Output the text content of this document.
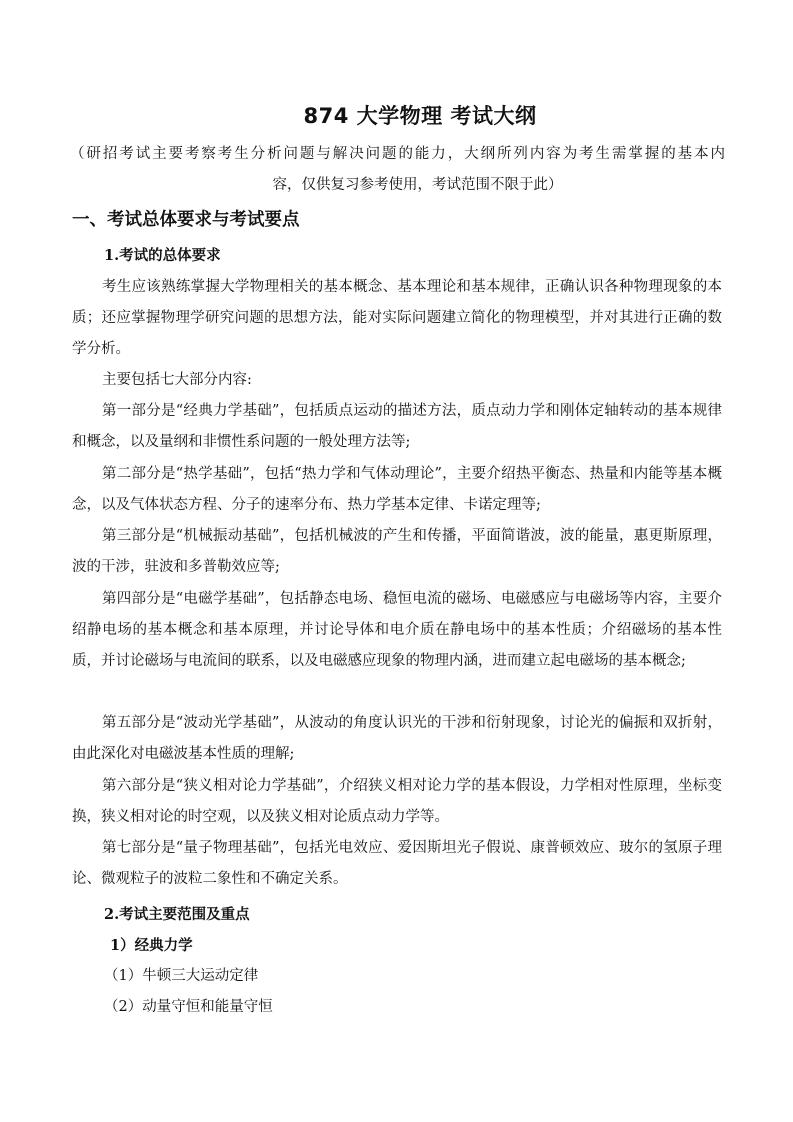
874 大学物理 考试大纲
（研招考试主要考察考生分析问题与解决问题的能力，大纲所列内容为考生需掌握的基本内
容，仅供复习参考使用，考试范围不限于此）
一、考试总体要求与考试要点
1.考试的总体要求
考生应该熟练掌握大学物理相关的基本概念、基本理论和基本规律，正确认识各种物理现象的本质；还应掌握物理学研究问题的思想方法，能对实际问题建立简化的物理模型，并对其进行正确的数学分析。
主要包括七大部分内容:
第一部分是“经典力学基础”，包括质点运动的描述方法，质点动力学和刚体定轴转动的基本规律和概念，以及量纲和非惯性系问题的一般处理方法等;
第二部分是“热学基础”，包括“热力学和气体动理论”，主要介绍热平衡态、热量和内能等基本概念，以及气体状态方程、分子的速率分布、热力学基本定律、卡诺定理等;
第三部分是“机械振动基础”，包括机械波的产生和传播，平面简谐波，波的能量，惠更斯原理，波的干涉，驻波和多普勒效应等;
第四部分是“电磁学基础”，包括静态电场、稳恒电流的磁场、电磁感应与电磁场等内容，主要介绍静电场的基本概念和基本原理，并讨论导体和电介质在静电场中的基本性质；介绍磁场的基本性质，并讨论磁场与电流间的联系，以及电磁感应现象的物理内涵，进而建立起电磁场的基本概念;
第五部分是“波动光学基础”，从波动的角度认识光的干涉和衍射现象，讨论光的偏振和双折射，由此深化对电磁波基本性质的理解;
第六部分是“狭义相对论力学基础”，介绍狭义相对论力学的基本假设，力学相对性原理，坐标变换，狭义相对论的时空观，以及狭义相对论质点动力学等。
第七部分是“量子物理基础”，包括光电效应、爱因斯坦光子假说、康普顿效应、玻尔的氢原子理论、微观粒子的波粒二象性和不确定关系。
2.考试主要范围及重点
1）经典力学
（1）牛顿三大运动定律
（2）动量守恒和能量守恒
